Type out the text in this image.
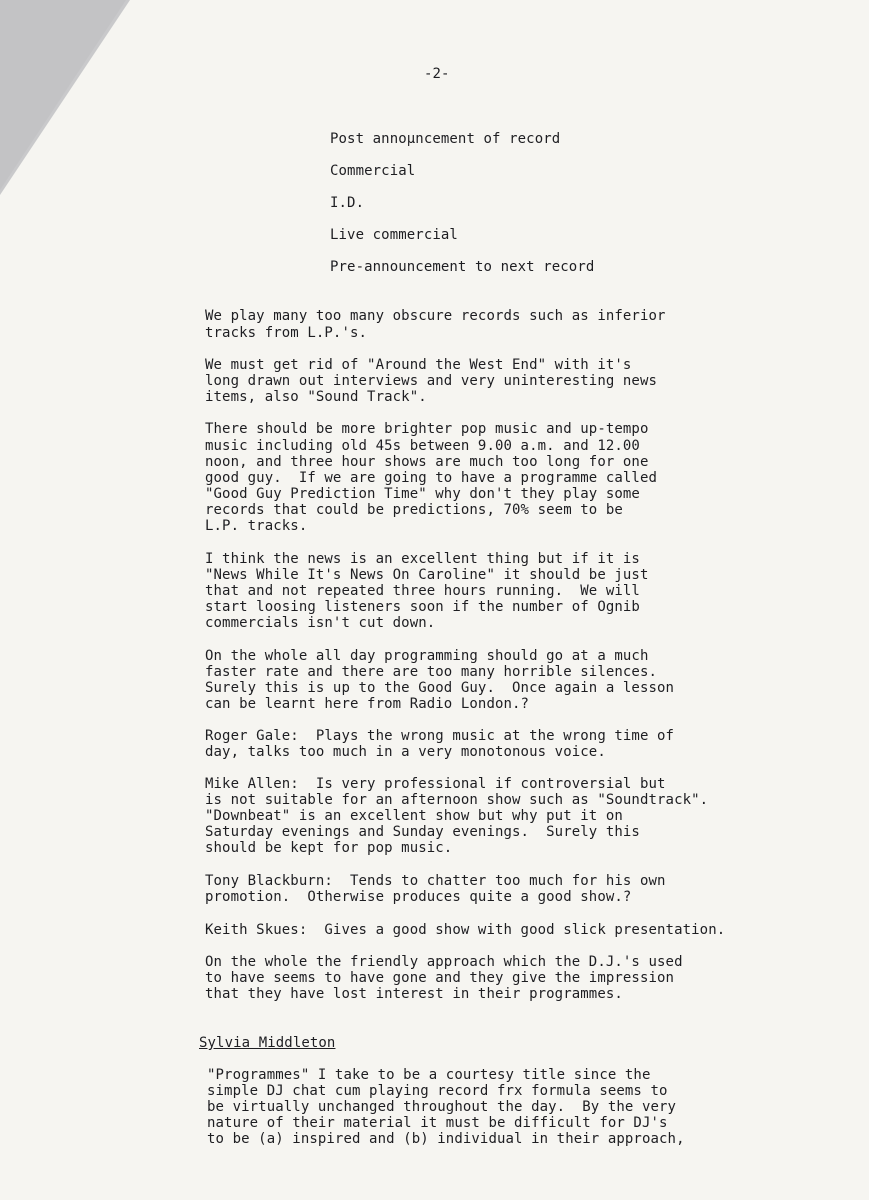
-2-
Post annoµncement of record
Commercial
I.D.
Live commercial
Pre-announcement to next record
We play many too many obscure records such as inferior
tracks from L.P.'s.
We must get rid of "Around the West End" with it's
long drawn out interviews and very uninteresting news
items, also "Sound Track".
There should be more brighter pop music and up-tempo
music including old 45s between 9.00 a.m. and 12.00
noon, and three hour shows are much too long for one
good guy.  If we are going to have a programme called
"Good Guy Prediction Time" why don't they play some
records that could be predictions, 70% seem to be
L.P. tracks.
I think the news is an excellent thing but if it is
"News While It's News On Caroline" it should be just
that and not repeated three hours running.  We will
start loosing listeners soon if the number of Ognib
commercials isn't cut down.
On the whole all day programming should go at a much
faster rate and there are too many horrible silences.
Surely this is up to the Good Guy.  Once again a lesson
can be learnt here from Radio London.?
Roger Gale:  Plays the wrong music at the wrong time of
day, talks too much in a very monotonous voice.
Mike Allen:  Is very professional if controversial but
is not suitable for an afternoon show such as "Soundtrack".
"Downbeat" is an excellent show but why put it on
Saturday evenings and Sunday evenings.  Surely this
should be kept for pop music.
Tony Blackburn:  Tends to chatter too much for his own
promotion.  Otherwise produces quite a good show.?
Keith Skues:  Gives a good show with good slick presentation.
On the whole the friendly approach which the D.J.'s used
to have seems to have gone and they give the impression
that they have lost interest in their programmes.
Sylvia Middleton
"Programmes" I take to be a courtesy title since the
simple DJ chat cum playing record frx formula seems to
be virtually unchanged throughout the day.  By the very
nature of their material it must be difficult for DJ's
to be (a) inspired and (b) individual in their approach,
